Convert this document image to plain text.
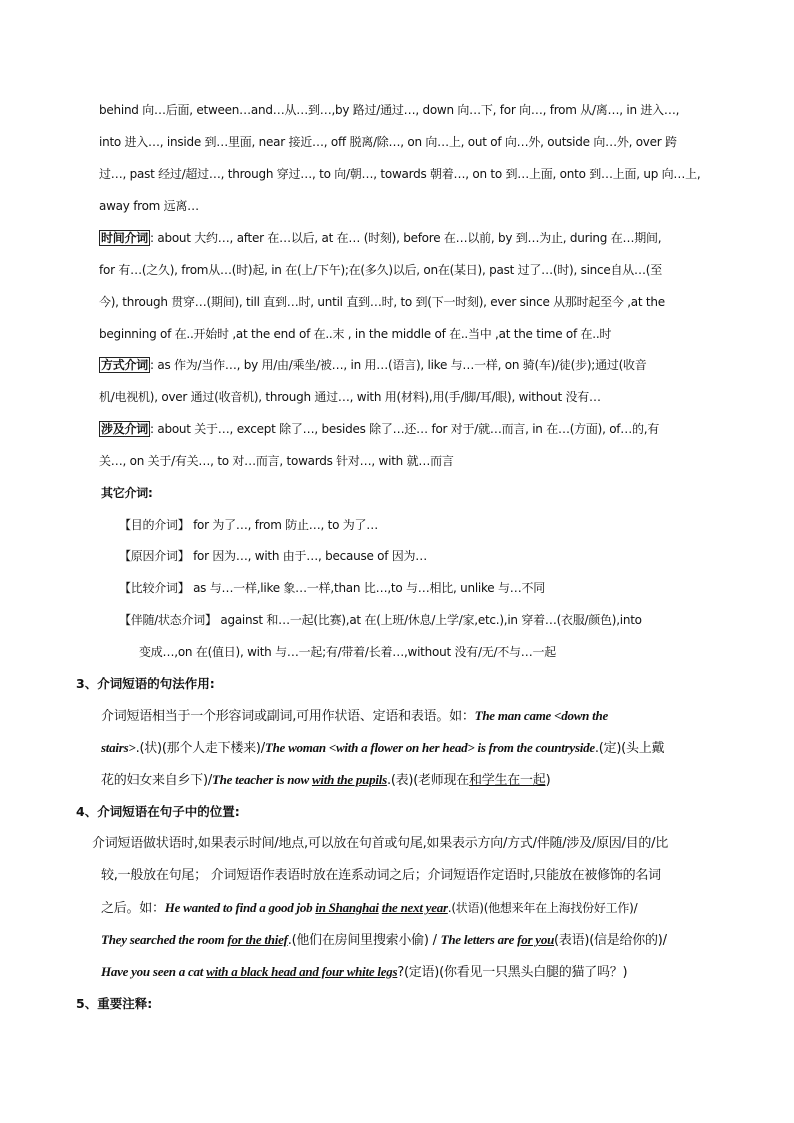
behind 向…后面, etween…and…从…到…,by 路过/通过…, down 向…下, for 向…, from 从/离…, in 进入…,
into 进入…, inside 到…里面, near 接近…, off 脱离/除…, on 向…上, out of 向…外, outside 向…外, over 跨
过…, past 经过/超过…, through 穿过…, to 向/朝…, towards 朝着…, on to 到…上面, onto 到…上面, up 向…上,
away from 远离…
时间介词 : about 大约…, after 在…以后, at 在… (时刻), before 在…以前, by 到…为止, during 在…期间,
for 有…(之久), from从…(时)起, in 在(上/下午);在(多久)以后, on在(某日), past 过了…(时), since自从…(至
今), through 贯穿…(期间), till 直到…时, until 直到…时, to 到(下一时刻), ever since 从那时起至今 ,at the
beginning of 在..开始时 ,at the end of 在..末 , in the middle of 在..当中 ,at the time of 在..时
方式介词 : as 作为/当作…, by 用/由/乘坐/被…, in 用…(语言), like 与…一样, on 骑(车)/徒(步);通过(收音
机/电视机), over 通过(收音机), through 通过…, with 用(材料),用(手/脚/耳/眼), without 没有…
涉及介词 : about 关于…, except 除了…, besides 除了…还… for 对于/就…而言, in 在…(方面), of…的,有
关…, on 关于/有关…, to 对…而言, towards 针对…, with 就…而言
其它介词:
【目的介词】 for 为了…, from 防止…, to 为了…
【原因介词】 for 因为…, with 由于…, because of 因为…
【比较介词】 as 与…一样,like 象…一样,than 比…,to 与…相比, unlike 与…不同
【伴随/状态介词】 against 和…一起(比赛),at 在(上班/休息/上学/家,etc.),in 穿着…(衣服/颜色),into
变成…,on 在(值日), with 与…一起;有/带着/长着…,without 没有/无/不与…一起
3、介词短语的句法作用:
介词短语相当于一个形容词或副词,可用作状语、定语和表语。如：The man came <down the
stairs>.(状)(那个人走下楼来)/The woman <with a flower on her head> is from the countryside.(定)(头上戴
花的妇女来自乡下)/The teacher is now with the pupils.(表)(老师现在和学生在一起)
4、介词短语在句子中的位置:
介词短语做状语时,如果表示时间/地点,可以放在句首或句尾,如果表示方向/方式/伴随/涉及/原因/目的/比
较,一般放在句尾； 介词短语作表语时放在连系动词之后；介词短语作定语时,只能放在被修饰的名词
之后。如：He wanted to find a good job in Shanghai the next year.(状语)(他想来年在上海找份好工作)/
They searched the room for the thief.(他们在房间里搜索小偷) / The letters are for you(表语)(信是给你的)/
Have you seen a cat with a black head and four white legs?(定语)(你看见一只黑头白腿的猫了吗？)
5、重要注释:
